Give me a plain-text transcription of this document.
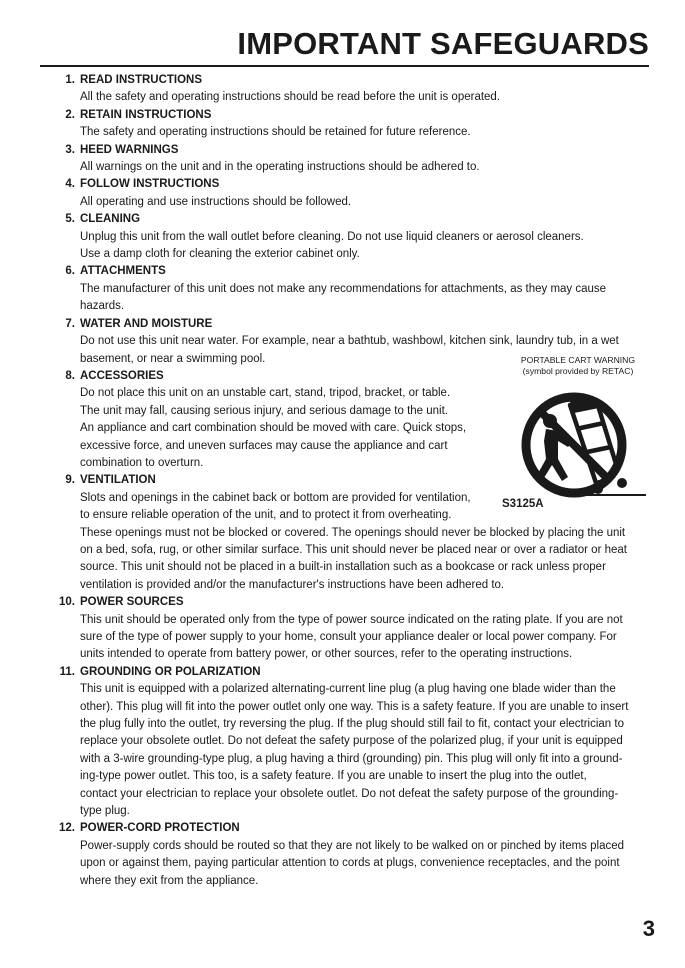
IMPORTANT SAFEGUARDS
1. READ INSTRUCTIONS

All the safety and operating instructions should be read before the unit is operated.

2. RETAIN INSTRUCTIONS

The safety and operating instructions should be retained for future reference.

3. HEED WARNINGS

All warnings on the unit and in the operating instructions should be adhered to.

4. FOLLOW INSTRUCTIONS

All operating and use instructions should be followed.

5. CLEANING

Unplug this unit from the wall outlet before cleaning. Do not use liquid cleaners or aerosol cleaners.

Use a damp cloth for cleaning the exterior cabinet only.

6. ATTACHMENTS

The manufacturer of this unit does not make any recommendations for attachments, as they may cause

hazards.

7. WATER AND MOISTURE

Do not use this unit near water. For example, near a bathtub, washbowl, kitchen sink, laundry tub, in a wet

basement, or near a swimming pool.

8. ACCESSORIES

Do not place this unit on an unstable cart, stand, tripod, bracket, or table.

The unit may fall, causing serious injury, and serious damage to the unit.

An appliance and cart combination should be moved with care. Quick stops,

excessive force, and uneven surfaces may cause the appliance and cart

combination to overturn.

9. VENTILATION

Slots and openings in the cabinet back or bottom are provided for ventilation,

to ensure reliable operation of the unit, and to protect it from overheating.

These openings must not be blocked or covered. The openings should never be blocked by placing the unit

on a bed, sofa, rug, or other similar surface. This unit should never be placed near or over a radiator or heat

source. This unit should not be placed in a built-in installation such as a bookcase or rack unless proper

ventilation is provided and/or the manufacturer's instructions have been adhered to.

10. POWER SOURCES

This unit should be operated only from the type of power source indicated on the rating plate. If you are not

sure of the type of power supply to your home, consult your appliance dealer or local power company. For

units intended to operate from battery power, or other sources, refer to the operating instructions.

11. GROUNDING OR POLARIZATION

This unit is equipped with a polarized alternating-current line plug (a plug having one blade wider than the

other). This plug will fit into the power outlet only one way. This is a safety feature. If you are unable to insert

the plug fully into the outlet, try reversing the plug. If the plug should still fail to fit, contact your electrician to

replace your obsolete outlet. Do not defeat the safety purpose of the polarized plug, if your unit is equipped

with a 3-wire grounding-type plug, a plug having a third (grounding) pin. This plug will only fit into a ground-

ing-type power outlet. This too, is a safety feature. If you are unable to insert the plug into the outlet,

contact your electrician to replace your obsolete outlet. Do not defeat the safety purpose of the grounding-

type plug.

12. POWER-CORD PROTECTION

Power-supply cords should be routed so that they are not likely to be walked on or pinched by items placed

upon or against them, paying particular attention to cords at plugs, convenience receptacles, and the point

where they exit from the appliance.

PORTABLE CART WARNING
(symbol provided by RETAC)
S3125A
3
